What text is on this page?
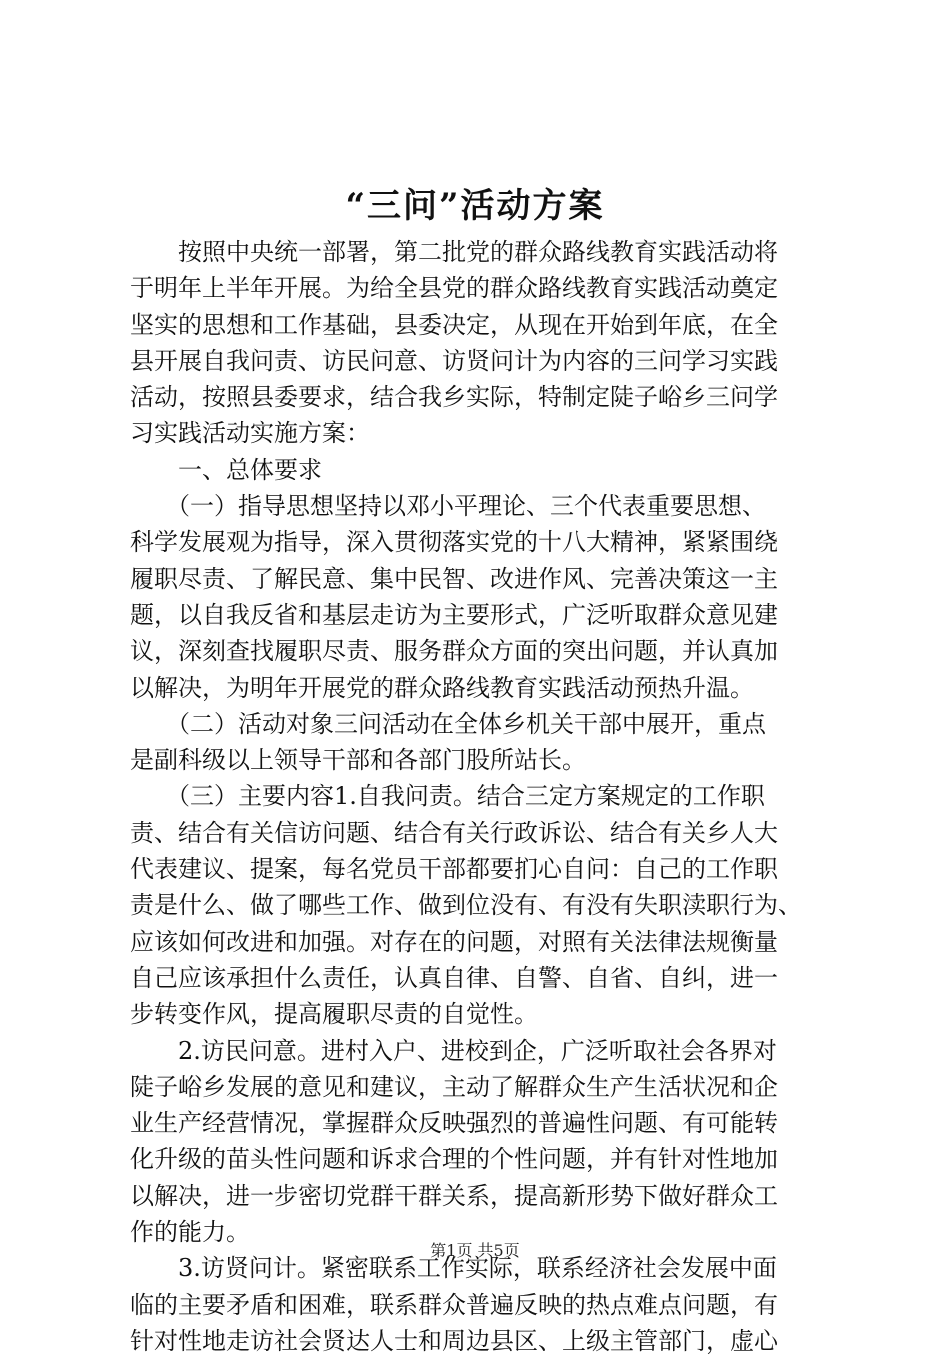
“三问”活动方案
　　按照中央统一部署，第二批党的群众路线教育实践活动将
于明年上半年开展。为给全县党的群众路线教育实践活动奠定
坚实的思想和工作基础，县委决定，从现在开始到年底，在全
县开展自我问责、访民问意、访贤问计为内容的三问学习实践
活动，按照县委要求，结合我乡实际，特制定陡子峪乡三问学
习实践活动实施方案：
　　一、总体要求
　　（一）指导思想坚持以邓小平理论、三个代表重要思想、
科学发展观为指导，深入贯彻落实党的十八大精神，紧紧围绕
履职尽责、了解民意、集中民智、改进作风、完善决策这一主
题，以自我反省和基层走访为主要形式，广泛听取群众意见建
议，深刻查找履职尽责、服务群众方面的突出问题，并认真加
以解决，为明年开展党的群众路线教育实践活动预热升温。
　　（二）活动对象三问活动在全体乡机关干部中展开，重点
是副科级以上领导干部和各部门股所站长。
　　（三）主要内容1.自我问责。结合三定方案规定的工作职
责、结合有关信访问题、结合有关行政诉讼、结合有关乡人大
代表建议、提案，每名党员干部都要扪心自问：自己的工作职
责是什么、做了哪些工作、做到位没有、有没有失职渎职行为、
应该如何改进和加强。对存在的问题，对照有关法律法规衡量
自己应该承担什么责任，认真自律、自警、自省、自纠，进一
步转变作风，提高履职尽责的自觉性。
　　2.访民问意。进村入户、进校到企，广泛听取社会各界对
陡子峪乡发展的意见和建议，主动了解群众生产生活状况和企
业生产经营情况，掌握群众反映强烈的普遍性问题、有可能转
化升级的苗头性问题和诉求合理的个性问题，并有针对性地加
以解决，进一步密切党群干群关系，提高新形势下做好群众工
作的能力。
　　3.访贤问计。紧密联系工作实际，联系经济社会发展中面
临的主要矛盾和困难，联系群众普遍反映的热点难点问题，有
针对性地走访社会贤达人士和周边县区、上级主管部门，虚心
第1页 共5页
